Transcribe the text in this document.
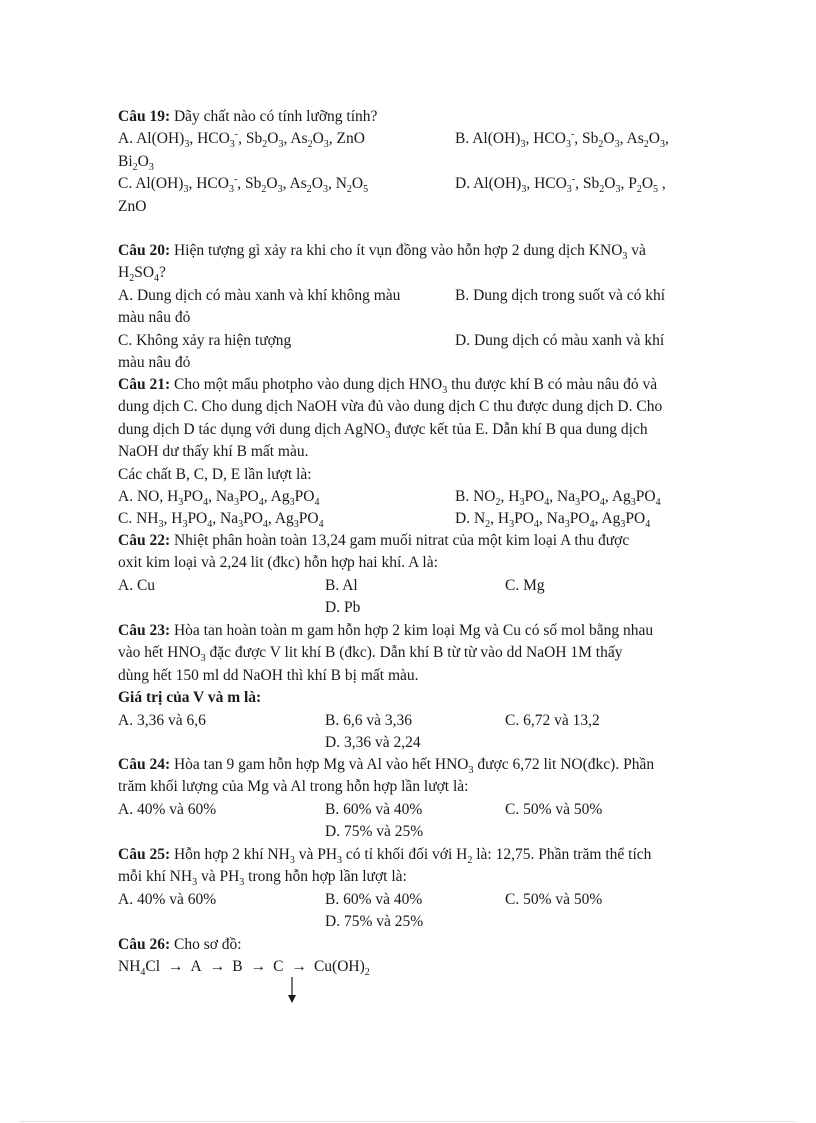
Câu 19: Dãy chất nào có tính lưỡng tính?

A. $Al(OH)_3$, $HCO_3^-$, $Sb_2O_3$, $As_2O_3$, ZnO	B. $Al(OH)_3$, $HCO_3^-$, $Sb_2O_3$, $As_2O_3$,

$Bi_2O_3$

C. $Al(OH)_3$, $HCO_3^-$, $Sb_2O_3$, $As_2O_3$, $N_2O_5$	D. $Al(OH)_3$, $HCO_3^-$, $Sb_2O_3$, $P_2O_5$ ,

ZnO

Câu 20: Hiện tượng gì xảy ra khi cho ít vụn đồng vào hỗn hợp 2 dung dịch $KNO_3$ và

$H_2SO_4$?

A. Dung dịch có màu xanh và khí không màu	B. Dung dịch trong suốt và có khí

màu nâu đỏ

C. Không xảy ra hiện tượng	D. Dung dịch có màu xanh và khí

màu nâu đỏ

Câu 21: Cho một mẩu photpho vào dung dịch $HNO_3$ thu được khí B có màu nâu đỏ và

dung dịch C. Cho dung dịch NaOH vừa đủ vào dung dịch C thu được dung dịch D. Cho

dung dịch D tác dụng với dung dịch AgNO$_3$ được kết tủa E. Dẫn khí B qua dung dịch

NaOH dư thấy khí B mất màu.

Các chất B, C, D, E lần lượt là:

A. NO, $H_3PO_4$, $Na_3PO_4$, $Ag_3PO_4$	B. $NO_2$, $H_3PO_4$, $Na_3PO_4$, $Ag_3PO_4$
C. $NH_3$, $H_3PO_4$, $Na_3PO_4$, $Ag_3PO_4$	D. $N_2$, $H_3PO_4$, $Na_3PO_4$, $Ag_3PO_4$

Câu 22: Nhiệt phân hoàn toàn 13,24 gam muối nitrat của một kim loại A thu được

oxit kim loại và 2,24 lit (đkc) hỗn hợp hai khí. A là:

A. Cu	B. Al	C. Mg

D. Pb

Câu 23: Hòa tan hoàn toàn m gam hỗn hợp 2 kim loại Mg và Cu có số mol bằng nhau

vào hết $HNO_3$ đặc được V lit khí B (đkc). Dẫn khí B từ từ vào dd NaOH 1M thấy

dùng hết 150 ml dd NaOH thì khí B bị mất màu.

Giá trị của V và m là:

A. 3,36 và 6,6	B. 6,6 và 3,36	C. 6,72 và 13,2

D. 3,36 và 2,24

Câu 24: Hòa tan 9 gam hỗn hợp Mg và Al vào hết $HNO_3$ được 6,72 lit NO(đkc). Phần

trăm khối lượng của Mg và Al trong hỗn hợp lần lượt là:

A. 40% và 60%	B. 60% và 40%	C. 50% và 50%

D. 75% và 25%

Câu 25: Hỗn hợp 2 khí $NH_3$ và $PH_3$ có tỉ khối đối với $H_2$ là: 12,75. Phần trăm thể tích

mỗi khí $NH_3$ và $PH_3$ trong hỗn hợp lần lượt là:

A. 40% và 60%	B. 60% và 40%	C. 50% và 50%

D. 75% và 25%

Câu 26: Cho sơ đồ:

$NH_4Cl \to A \to B \to C \to Cu(OH)_2$
